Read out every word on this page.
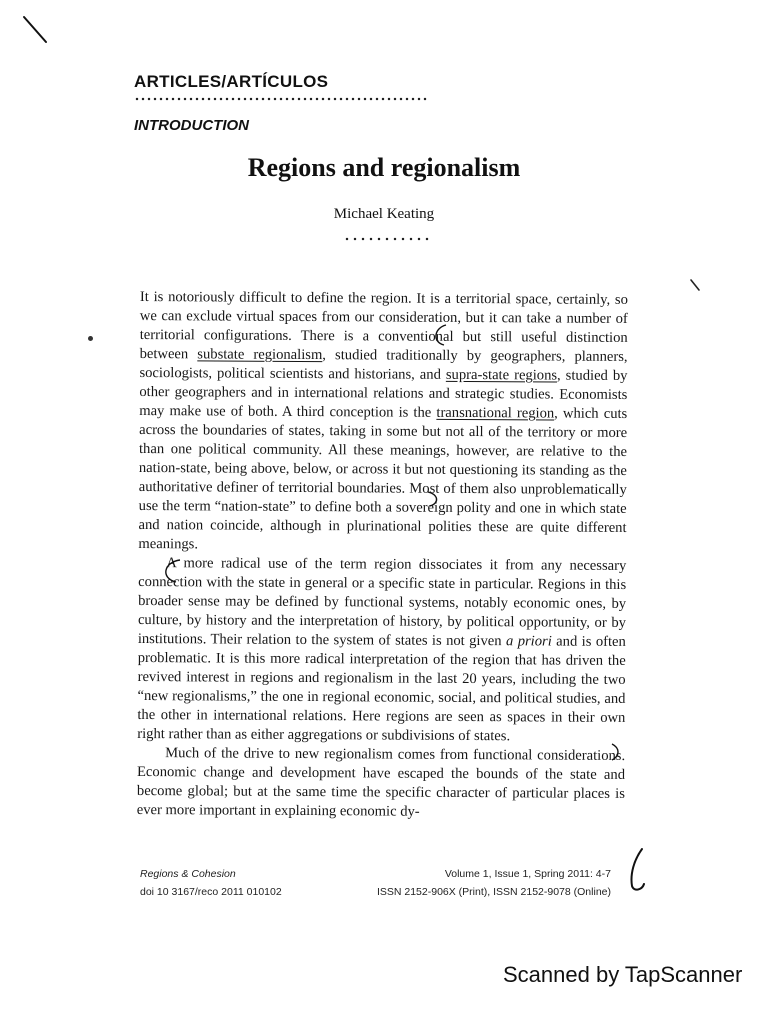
ARTICLES/ARTÍCULOS
INTRODUCTION
Regions and regionalism
Michael Keating

It is notoriously difficult to define the region. It is a territorial space, certainly, so we can exclude virtual spaces from our consideration, but it can take a number of territorial configurations. There is a conventional but still useful distinction between substate regionalism, studied traditionally by geographers, planners, sociologists, political scientists and historians, and supra-state regions, studied by other geographers and in international relations and strategic studies. Economists may make use of both. A third conception is the transnational region, which cuts across the boundaries of states, taking in some but not all of the territory or more than one political community. All these meanings, however, are relative to the nation-state, being above, below, or across it but not questioning its standing as the authoritative definer of territorial boundaries. Most of them also unproblematically use the term “nation-state” to define both a sovereign polity and one in which state and nation coincide, although in plurinational polities these are quite different meanings.

A more radical use of the term region dissociates it from any necessary connection with the state in general or a specific state in particular. Regions in this broader sense may be defined by functional systems, notably economic ones, by culture, by history and the interpretation of history, by political opportunity, or by institutions. Their relation to the system of states is not given a priori and is often problematic. It is this more radical interpretation of the region that has driven the revived interest in regions and regionalism in the last 20 years, including the two “new regionalisms,” the one in regional economic, social, and political studies, and the other in international relations. Here regions are seen as spaces in their own right rather than as either aggregations or subdivisions of states.

Much of the drive to new regionalism comes from functional considerations. Economic change and development have escaped the bounds of the state and become global; but at the same time the specific character of particular places is ever more important in explaining economic dy-

Regions & Cohesion
doi 10 3167/reco 2011 010102
Volume 1, Issue 1, Spring 2011: 4-7
ISSN 2152-906X (Print), ISSN 2152-9078 (Online)
Scanned by TapScanner
